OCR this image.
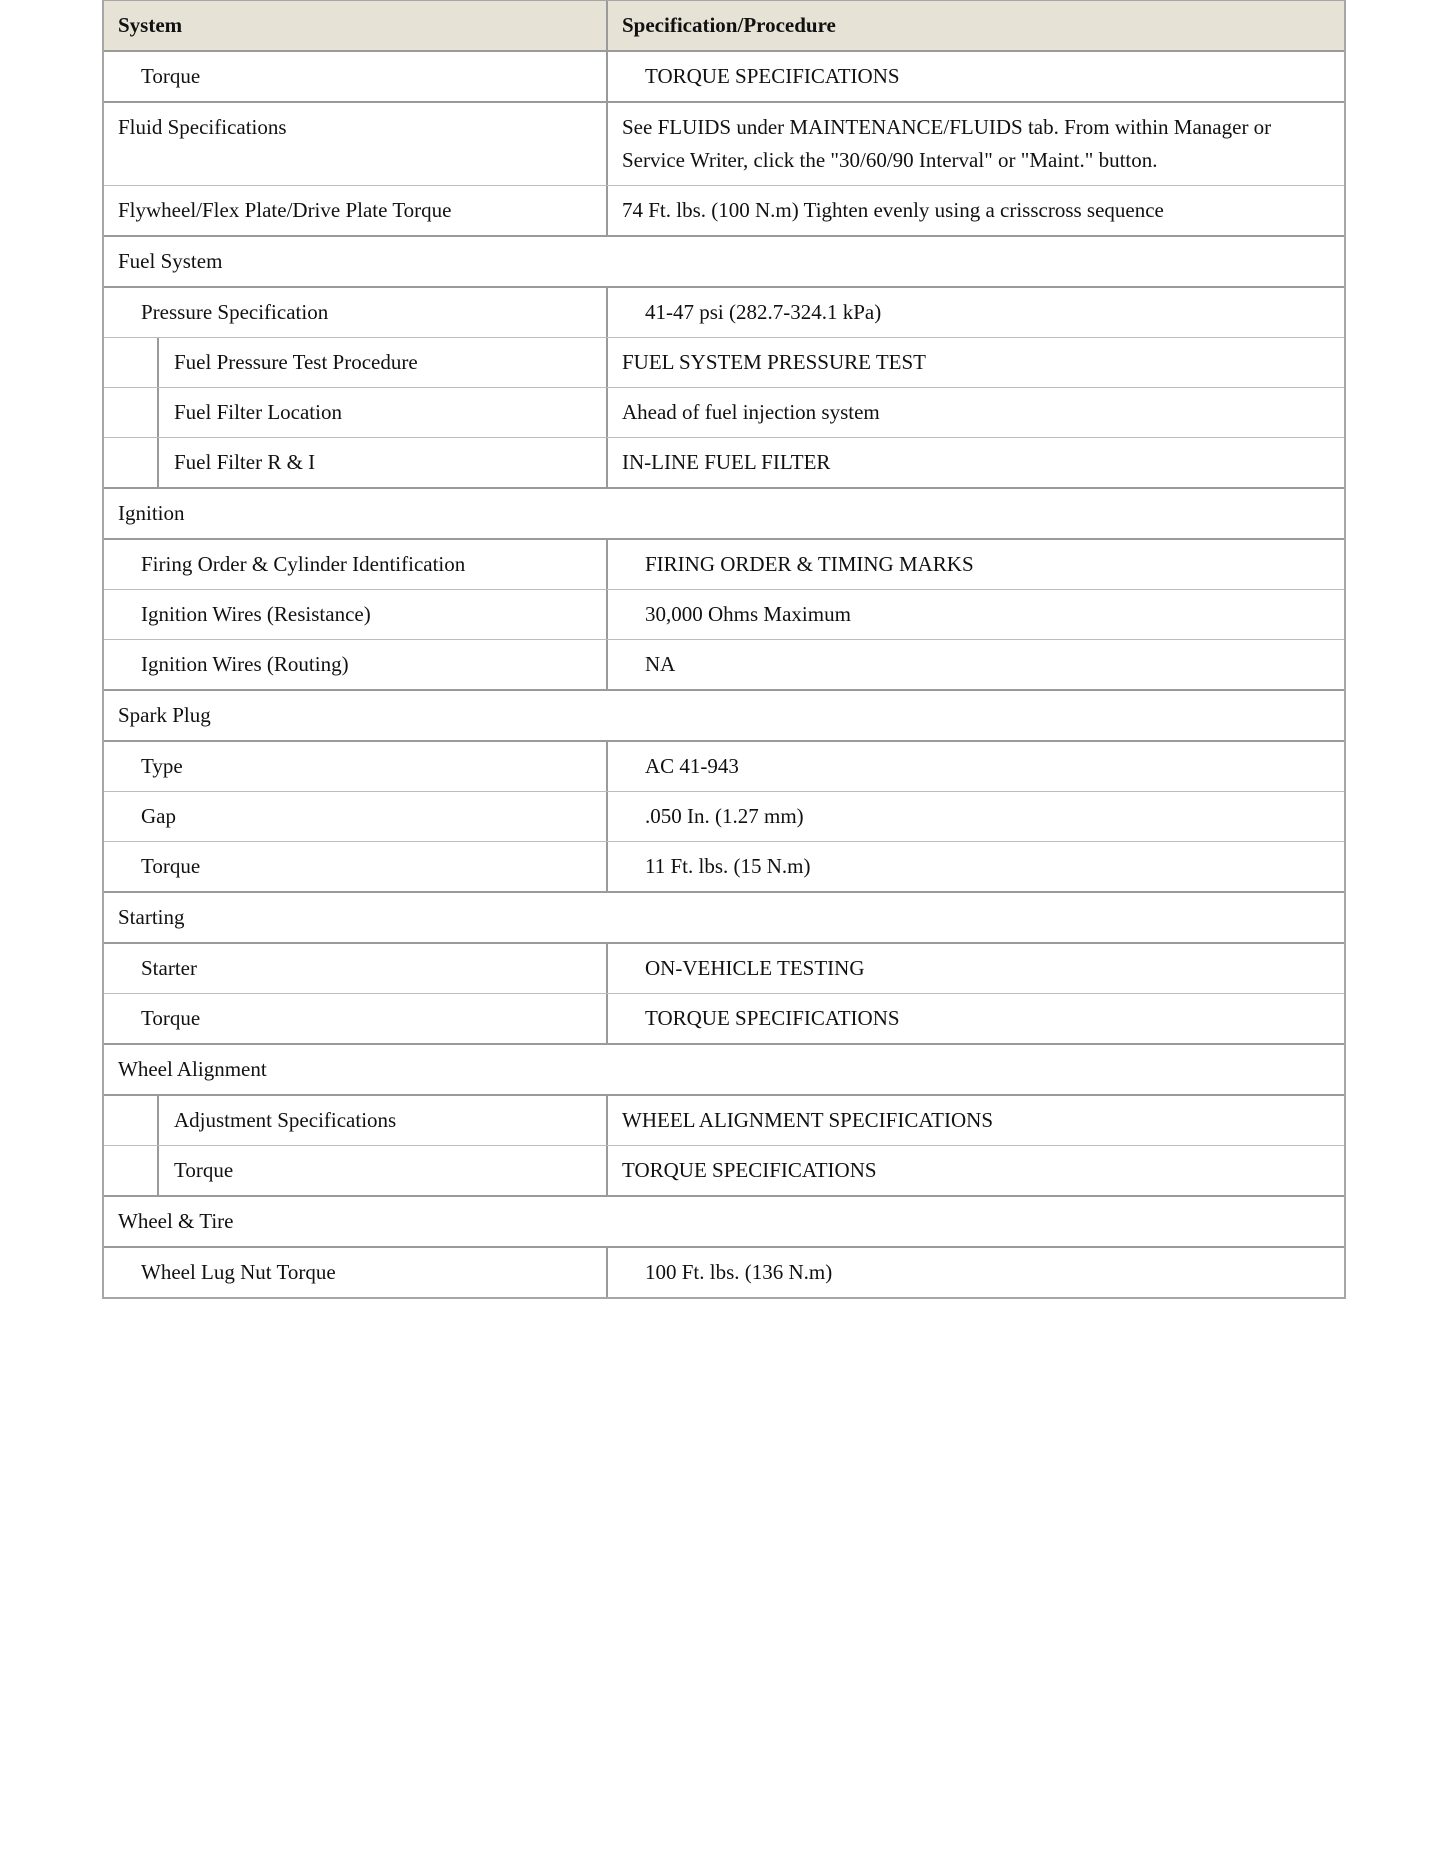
System	Specification/Procedure
Torque	TORQUE SPECIFICATIONS
Fluid Specifications	See FLUIDS under MAINTENANCE/FLUIDS tab. From within Manager or Service Writer, click the "30/60/90 Interval" or "Maint." button.
Flywheel/Flex Plate/Drive Plate Torque	74 Ft. lbs. (100 N.m) Tighten evenly using a crisscross sequence
Fuel System
Pressure Specification	41-47 psi (282.7-324.1 kPa)
Fuel Pressure Test Procedure	FUEL SYSTEM PRESSURE TEST
Fuel Filter Location	Ahead of fuel injection system
Fuel Filter R & I	IN-LINE FUEL FILTER
Ignition
Firing Order & Cylinder Identification	FIRING ORDER & TIMING MARKS
Ignition Wires (Resistance)	30,000 Ohms Maximum
Ignition Wires (Routing)	NA
Spark Plug
Type	AC 41-943
Gap	.050 In. (1.27 mm)
Torque	11 Ft. lbs. (15 N.m)
Starting
Starter	ON-VEHICLE TESTING
Torque	TORQUE SPECIFICATIONS
Wheel Alignment
Adjustment Specifications	WHEEL ALIGNMENT SPECIFICATIONS
Torque	TORQUE SPECIFICATIONS
Wheel & Tire
Wheel Lug Nut Torque	100 Ft. lbs. (136 N.m)
